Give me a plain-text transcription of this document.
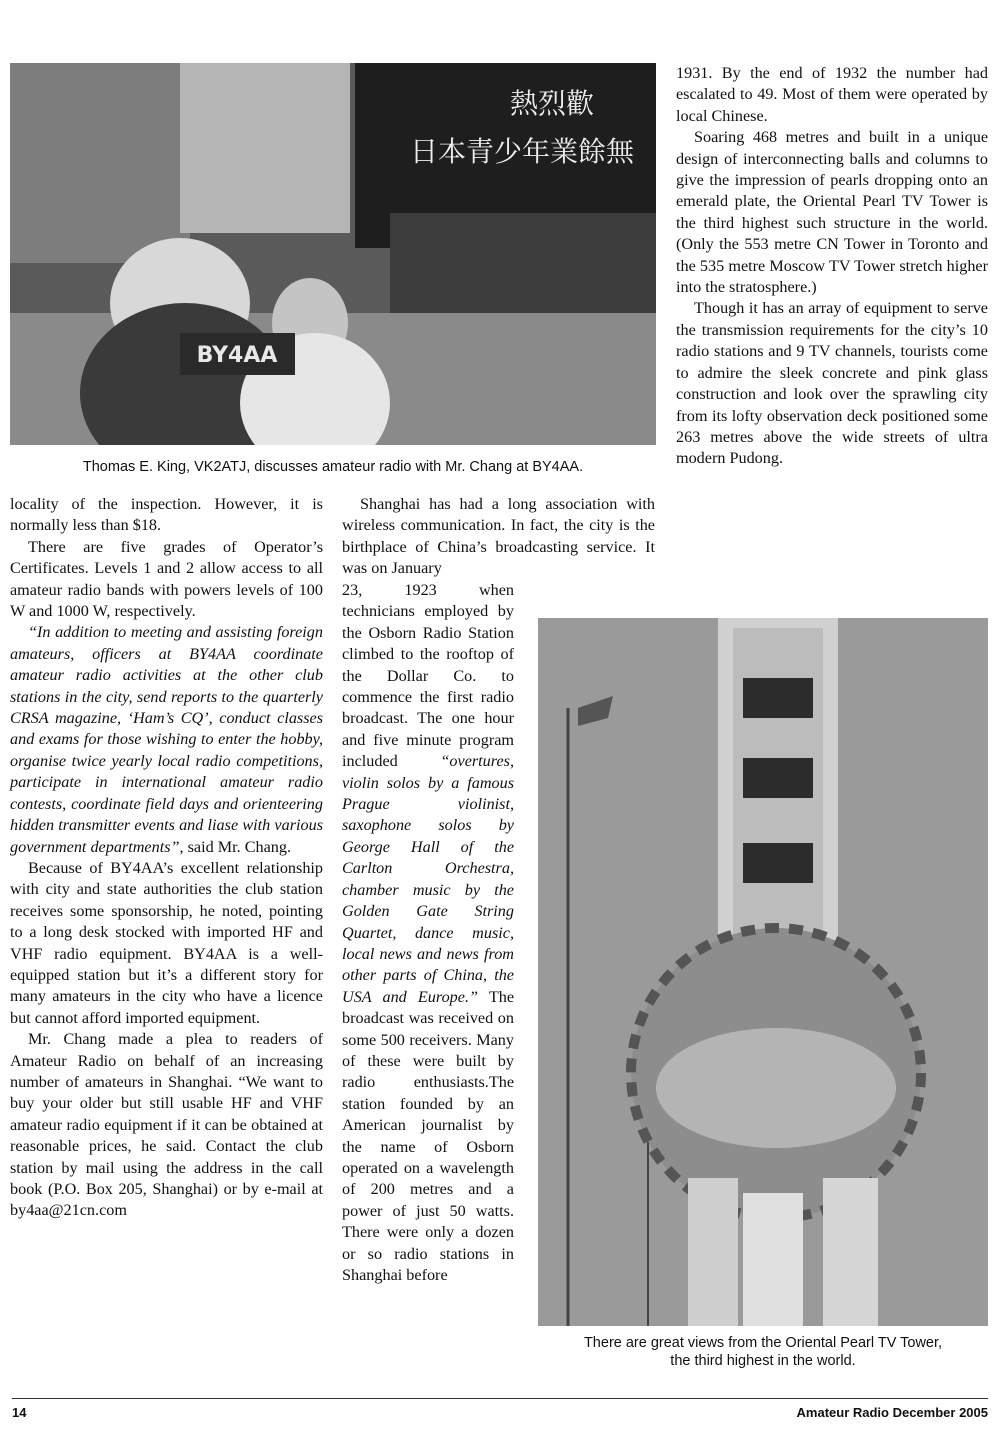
BY4AA
熱烈歡
日本青少年業餘無
Thomas E. King, VK2ATJ, discusses amateur radio with Mr. Chang at BY4AA.

locality of the inspection. However, it is normally less than $18.

There are five grades of Operator’s Certificates. Levels 1 and 2 allow access to all amateur radio bands with powers levels of 100 W and 1000 W, respectively.

“In addition to meeting and assisting foreign amateurs, officers at BY4AA coordinate amateur radio activities at the other club stations in the city, send reports to the quarterly CRSA magazine, ‘Ham’s CQ’, conduct classes and exams for those wishing to enter the hobby, organise twice yearly local radio competitions, participate in international amateur radio contests, coordinate field days and orienteering hidden transmitter events and liase with various government departments”, said Mr. Chang.

Because of BY4AA’s excellent relationship with city and state authorities the club station receives some sponsorship, he noted, pointing to a long desk stocked with imported HF and VHF radio equipment. BY4AA is a well-equipped station but it’s a different story for many amateurs in the city who have a licence but cannot afford imported equipment.

Mr. Chang made a plea to readers of Amateur Radio on behalf of an increasing number of amateurs in Shanghai. “We want to buy your older but still usable HF and VHF amateur radio equipment if it can be obtained at reasonable prices, he said. Contact the club station by mail using the address in the call book (P.O. Box 205, Shanghai) or by e-mail at by4aa@21cn.com

Shanghai has had a long association with wireless communication. In fact, the city is the birthplace of China’s broadcasting service. It was on January

23, 1923 when technicians employed by the Osborn Radio Station climbed to the rooftop of the Dollar Co. to commence the first radio broadcast. The one hour and five minute program included “overtures, violin solos by a famous Prague violinist, saxophone solos by George Hall of the Carlton Orchestra, chamber music by the Golden Gate String Quartet, dance music, local news and news from other parts of China, the USA and Europe.” The broadcast was received on some 500 receivers. Many of these were built by radio enthusiasts.The station founded by an American journalist by the name of Osborn operated on a wavelength of 200 metres and a power of just 50 watts. There were only a dozen or so radio stations in Shanghai before

1931. By the end of 1932 the number had escalated to 49. Most of them were operated by local Chinese.

Soaring 468 metres and built in a unique design of interconnecting balls and columns to give the impression of pearls dropping onto an emerald plate, the Oriental Pearl TV Tower is the third highest such structure in the world. (Only the 553 metre CN Tower in Toronto and the 535 metre Moscow TV Tower stretch higher into the stratosphere.)

Though it has an array of equipment to serve the transmission requirements for the city’s 10 radio stations and 9 TV channels, tourists come to admire the sleek concrete and pink glass construction and look over the sprawling city from its lofty observation deck positioned some 263 metres above the wide streets of ultra modern Pudong.

There are great views from the Oriental Pearl TV Tower,
the third highest in the world.
14	Amateur Radio December 2005
